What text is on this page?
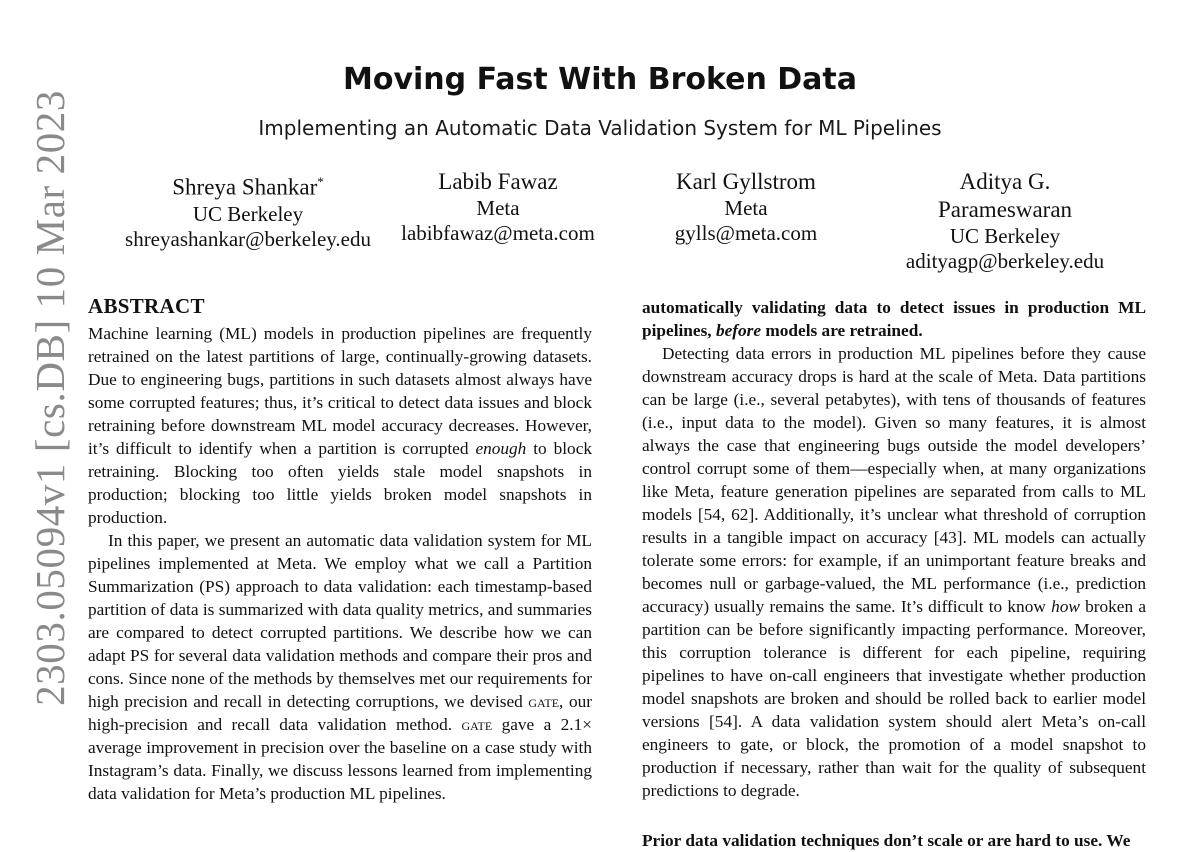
2303.05094v1 [cs.DB] 10 Mar 2023
Moving Fast With Broken Data
Implementing an Automatic Data Validation System for ML Pipelines
Shreya Shankar*
UC Berkeley
shreyashankar@berkeley.edu
Labib Fawaz
Meta
labibfawaz@meta.com
Karl Gyllstrom
Meta
gylls@meta.com
Aditya G.
Parameswaran
UC Berkeley
adityagp@berkeley.edu
ABSTRACT

Machine learning (ML) models in production pipelines are frequently retrained on the latest partitions of large, continually-growing datasets. Due to engineering bugs, partitions in such datasets almost always have some corrupted features; thus, it’s critical to detect data issues and block retraining before downstream ML model accuracy decreases. However, it’s difficult to identify when a partition is corrupted enough to block retraining. Blocking too often yields stale model snapshots in production; blocking too little yields broken model snapshots in production.

In this paper, we present an automatic data validation system for ML pipelines implemented at Meta. We employ what we call a Partition Summarization (PS) approach to data validation: each timestamp-based partition of data is summarized with data quality metrics, and summaries are compared to detect corrupted partitions. We describe how we can adapt PS for several data validation methods and compare their pros and cons. Since none of the methods by themselves met our requirements for high precision and recall in detecting corruptions, we devised gate, our high-precision and recall data validation method. gate gave a 2.1× average improvement in precision over the baseline on a case study with Instagram’s data. Finally, we discuss lessons learned from implementing data validation for Meta’s production ML pipelines.

automatically validating data to detect issues in production ML pipelines, before models are retrained.

Detecting data errors in production ML pipelines before they cause downstream accuracy drops is hard at the scale of Meta. Data partitions can be large (i.e., several petabytes), with tens of thousands of features (i.e., input data to the model). Given so many features, it is almost always the case that engineering bugs outside the model developers’ control corrupt some of them—especially when, at many organizations like Meta, feature generation pipelines are separated from calls to ML models [54, 62]. Additionally, it’s unclear what threshold of corruption results in a tangible impact on accuracy [43]. ML models can actually tolerate some errors: for example, if an unimportant feature breaks and becomes null or garbage-valued, the ML performance (i.e., prediction accuracy) usually remains the same. It’s difficult to know how broken a partition can be before significantly impacting performance. Moreover, this corruption tolerance is different for each pipeline, requiring pipelines to have on-call engineers that investigate whether production model snapshots are broken and should be rolled back to earlier model versions [54]. A data validation system should alert Meta’s on-call engineers to gate, or block, the promotion of a model snapshot to production if necessary, rather than wait for the quality of subsequent predictions to degrade.

Prior data validation techniques don’t scale or are hard to use. We
